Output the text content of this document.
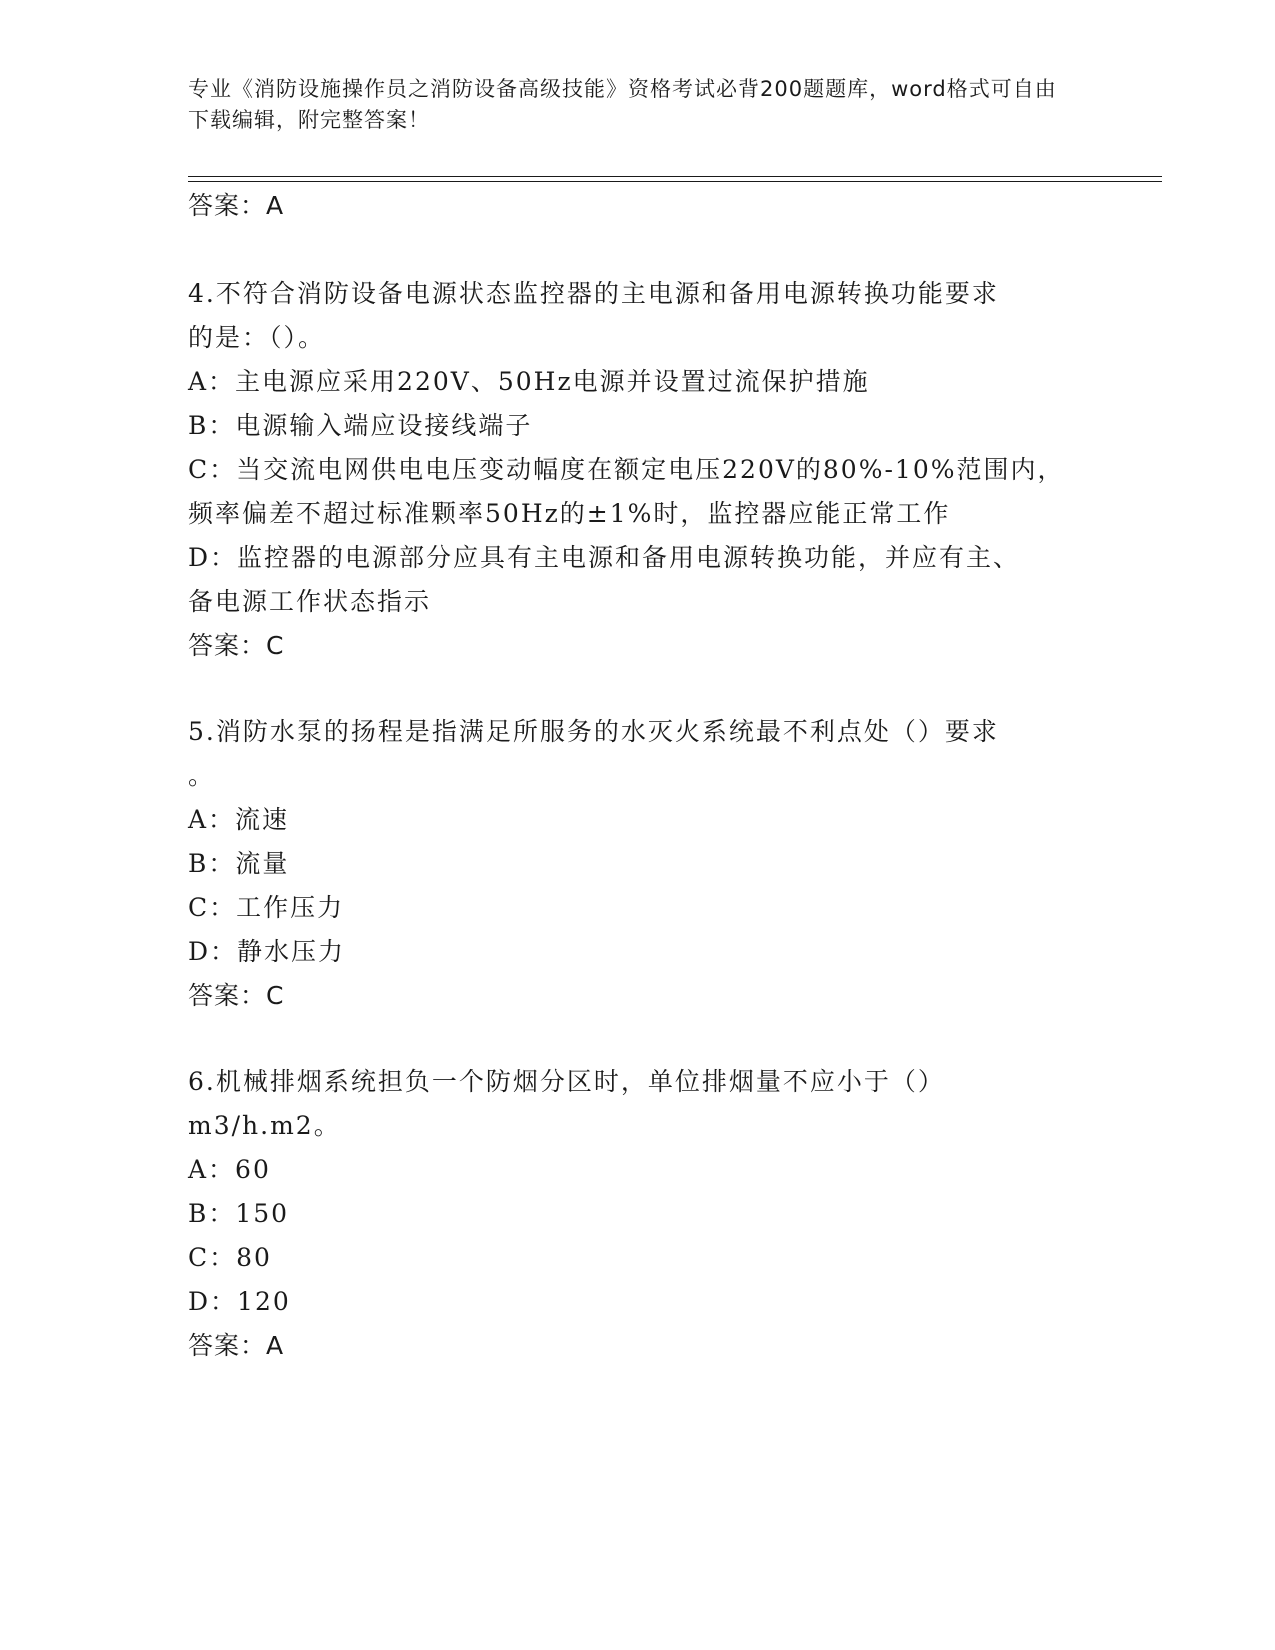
专业《消防设施操作员之消防设备高级技能》资格考试必背200题题库，word格式可自由下载编辑，附完整答案！
答案：A
4.不符合消防设备电源状态监控器的主电源和备用电源转换功能要求
的是：（）。
A：主电源应采用220V、50Hz电源并设置过流保护措施
B：电源输入端应设接线端子
C：当交流电网供电电压变动幅度在额定电压220V的80%-10%范围内，
频率偏差不超过标准颗率50Hz的±1%时，监控器应能正常工作
D：监控器的电源部分应具有主电源和备用电源转换功能，并应有主、
备电源工作状态指示
答案：C
5.消防水泵的扬程是指满足所服务的水灭火系统最不利点处（）要求
。
A：流速
B：流量
C：工作压力
D：静水压力
答案：C
6.机械排烟系统担负一个防烟分区时，单位排烟量不应小于（）
m3/h.m2。
A：60
B：150
C：80
D：120
答案：A
